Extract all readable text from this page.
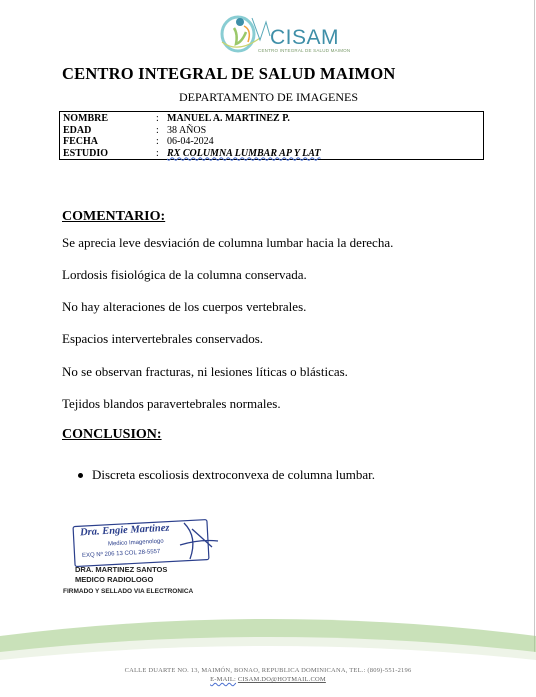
CISAM
CENTRO INTEGRAL DE SALUD MAIMON
CENTRO INTEGRAL DE SALUD MAIMON
DEPARTAMENTO DE IMAGENES
NOMBRE	: MANUEL A. MARTINEZ P.
EDAD	: 38 AÑOS
FECHA	: 06-04-2024
ESTUDIO	: RX COLUMNA LUMBAR AP Y LAT
COMENTARIO:
Se aprecia leve desviación de columna lumbar hacia la derecha.
Lordosis fisiológica de la columna conservada.
No hay alteraciones de los cuerpos vertebrales.
Espacios intervertebrales conservados.
No se observan fracturas, ni lesiones líticas o blásticas.
Tejidos blandos paravertebrales normales.
CONCLUSION:
Discreta escoliosis dextroconvexa de columna lumbar.
Dra. Engie Martinez
Medico Imagenologo
EXQ Nº 206 13 COL 28-5557
DRA. MARTINEZ SANTOS
MEDICO RADIOLOGO
FIRMADO Y SELLADO VIA ELECTRONICA
CALLE DUARTE NO. 13, MAIMÓN, BONAO, REPUBLICA DOMINICANA, TEL.: (809)-551-2196
E-MAIL: CISAM.DO@HOTMAIL.COM
